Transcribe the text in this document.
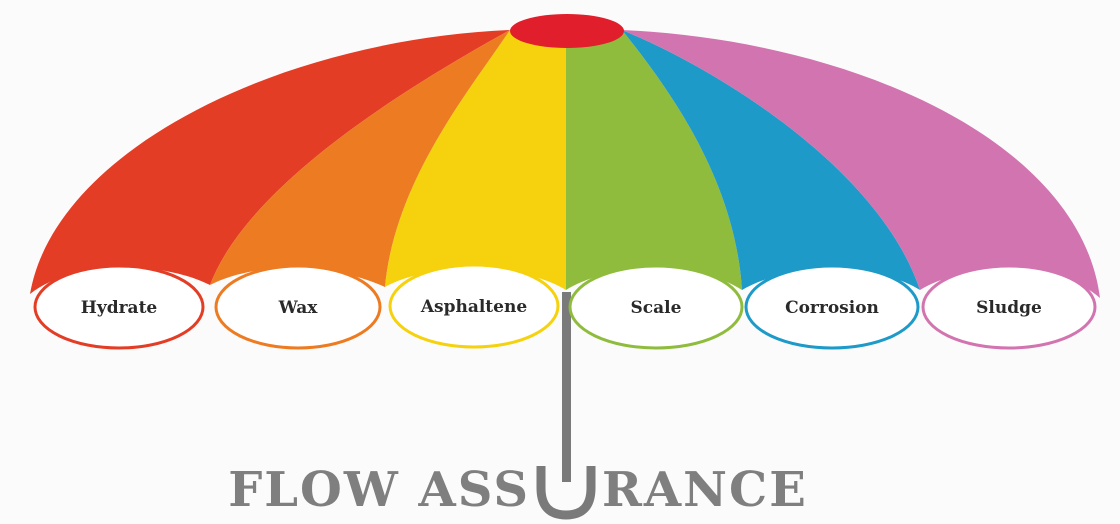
Hydrate	Wax	Asphaltene	Scale	Corrosion	Sludge
FLOW ASS RANCE
